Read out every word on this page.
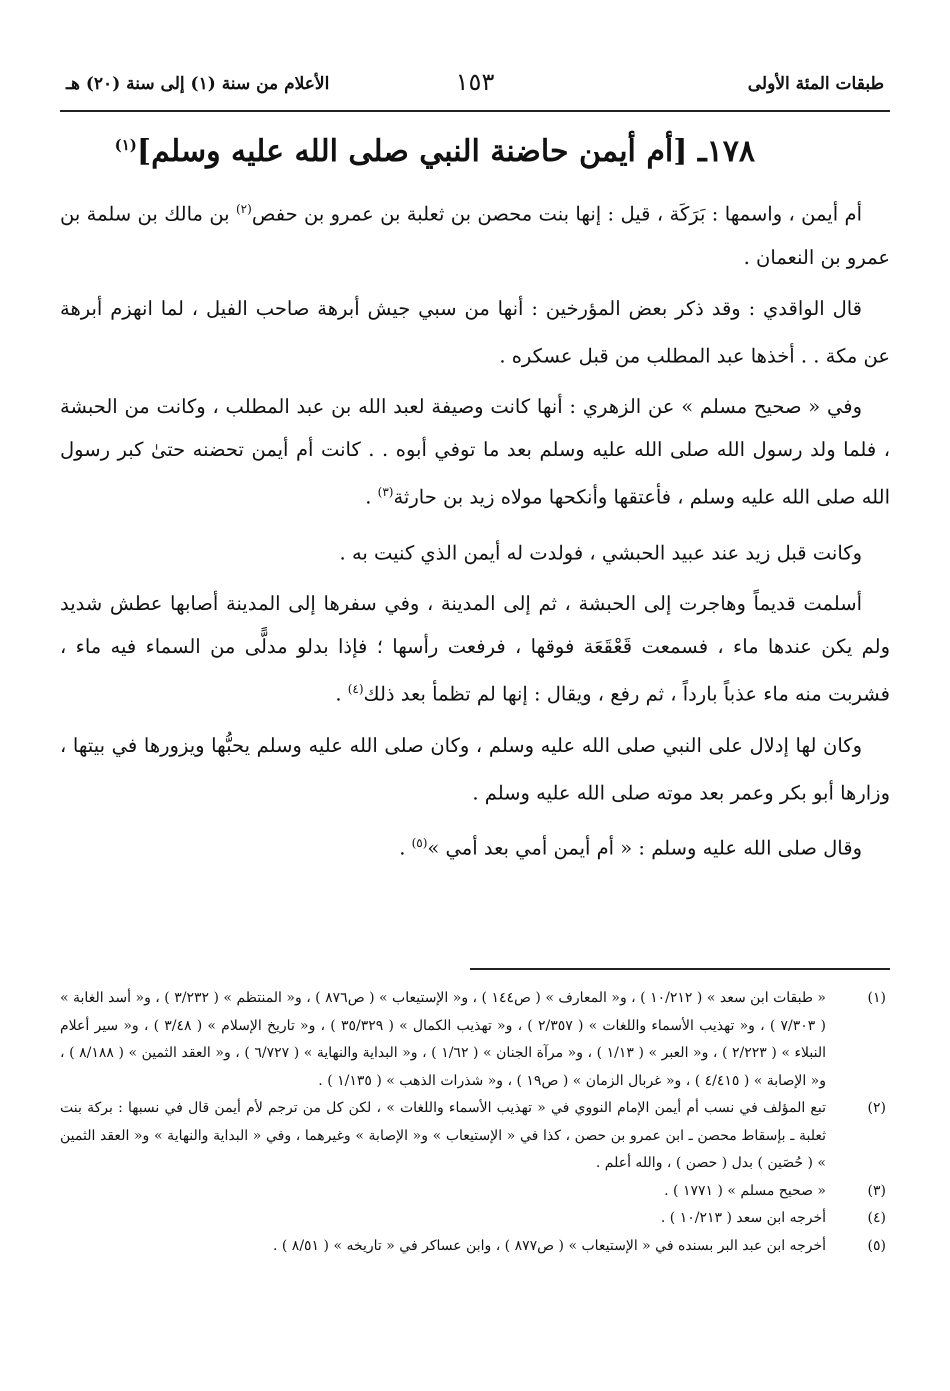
طبقات المئة الأولى
١٥٣
الأعلام من سنة (١) إلى سنة (٢٠) هـ
١٧٨ـ [أم أيمن حاضنة النبي صلى الله عليه وسلم]$^{(١)}$

أم أيمن ، واسمها : بَرَكَة ، قيل : إنها بنت محصن بن ثعلبة بن عمرو بن حفص$^{(٢)}$ بن مالك بن سلمة بن عمرو بن النعمان .

قال الواقدي : وقد ذكر بعض المؤرخين : أنها من سبي جيش أبرهة صاحب الفيل ، لما انهزم أبرهة عن مكة . . أخذها عبد المطلب من قبل عسكره .

وفي « صحيح مسلم » عن الزهري : أنها كانت وصيفة لعبد الله بن عبد المطلب ، وكانت من الحبشة ، فلما ولد رسول الله صلى الله عليه وسلم بعد ما توفي أبوه . . كانت أم أيمن تحضنه حتىٰ كبر رسول الله صلى الله عليه وسلم ، فأعتقها وأنكحها مولاه زيد بن حارثة$^{(٣)}$ .

وكانت قبل زيد عند عبيد الحبشي ، فولدت له أيمن الذي كنيت به .

أسلمت قديماً وهاجرت إلى الحبشة ، ثم إلى المدينة ، وفي سفرها إلى المدينة أصابها عطش شديد ولم يكن عندها ماء ، فسمعت قَعْقَعَة فوقها ، فرفعت رأسها ؛ فإذا بدلو مدلًّى من السماء فيه ماء ، فشربت منه ماء عذباً بارداً ، ثم رفع ، ويقال : إنها لم تظمأ بعد ذلك$^{(٤)}$ .

وكان لها إدلال على النبي صلى الله عليه وسلم ، وكان صلى الله عليه وسلم يحبُّها ويزورها في بيتها ، وزارها أبو بكر وعمر بعد موته صلى الله عليه وسلم .

وقال صلى الله عليه وسلم : « أم أيمن أمي بعد أمي »$^{(٥)}$ .

(١)
« طبقات ابن سعد » ( ١٠/٢١٢ ) ، و« المعارف » ( ص١٤٤ ) ، و« الإستيعاب » ( ص٨٧٦ ) ، و« المنتظم » ( ٣/٢٣٢ ) ، و« أسد الغابة » ( ٧/٣٠٣ ) ، و« تهذيب الأسماء واللغات » ( ٢/٣٥٧ ) ، و« تهذيب الكمال » ( ٣٥/٣٢٩ ) ، و« تاريخ الإسلام » ( ٣/٤٨ ) ، و« سير أعلام النبلاء » ( ٢/٢٢٣ ) ، و« العبر » ( ١/١٣ ) ، و« مرآة الجنان » ( ١/٦٢ ) ، و« البداية والنهاية » ( ٦/٧٢٧ ) ، و« العقد الثمين » ( ٨/١٨٨ ) ، و« الإصابة » ( ٤/٤١٥ ) ، و« غربال الزمان » ( ص١٩ ) ، و« شذرات الذهب » ( ١/١٣٥ ) .
(٢)
تبع المؤلف في نسب أم أيمن الإمام النووي في « تهذيب الأسماء واللغات » ، لكن كل من ترجم لأم أيمن قال في نسبها : بركة بنت ثعلبة ـ بإسقاط محصن ـ ابن عمرو بن حصن ، كذا في « الإستيعاب » و« الإصابة » وغيرهما ، وفي « البداية والنهاية » و« العقد الثمين » ( حُصَين ) بدل ( حصن ) ، والله أعلم .
(٣)
« صحيح مسلم » ( ١٧٧١ ) .
(٤)
أخرجه ابن سعد ( ١٠/٢١٣ ) .
(٥)
أخرجه ابن عبد البر بسنده في « الإستيعاب » ( ص٨٧٧ ) ، وابن عساكر في « تاريخه » ( ٨/٥١ ) .
